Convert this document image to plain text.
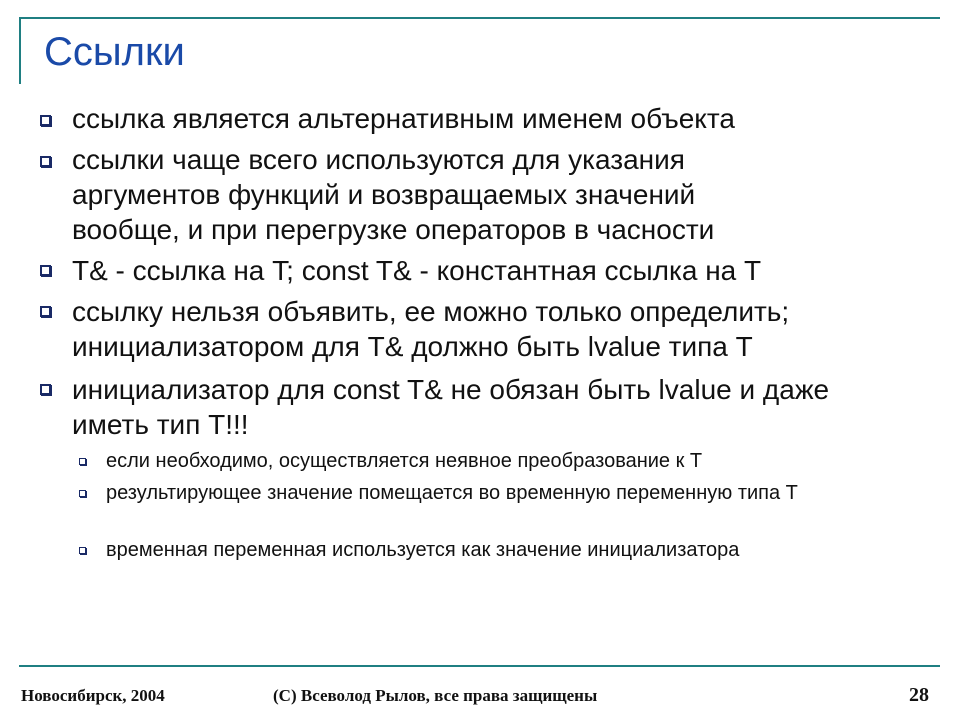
Ссылки
ссылка является альтернативным именем объекта
ссылки чаще всего используются для указания аргументов функций и возвращаемых значений вообще, и при перегрузке операторов в часности
T& - ссылка на T; const T& - константная ссылка на T
ссылку нельзя объявить, ее можно только определить; инициализатором для T& должно быть lvalue типа T
инициализатор для const T& не обязан быть lvalue и даже иметь тип T!!!
если необходимо, осуществляется неявное преобразование к T
результирующее значение помещается во временную переменную типа T
временная переменная используется как значение инициализатора
Новосибирск, 2004	(C) Всеволод Рылов, все права защищены	28
